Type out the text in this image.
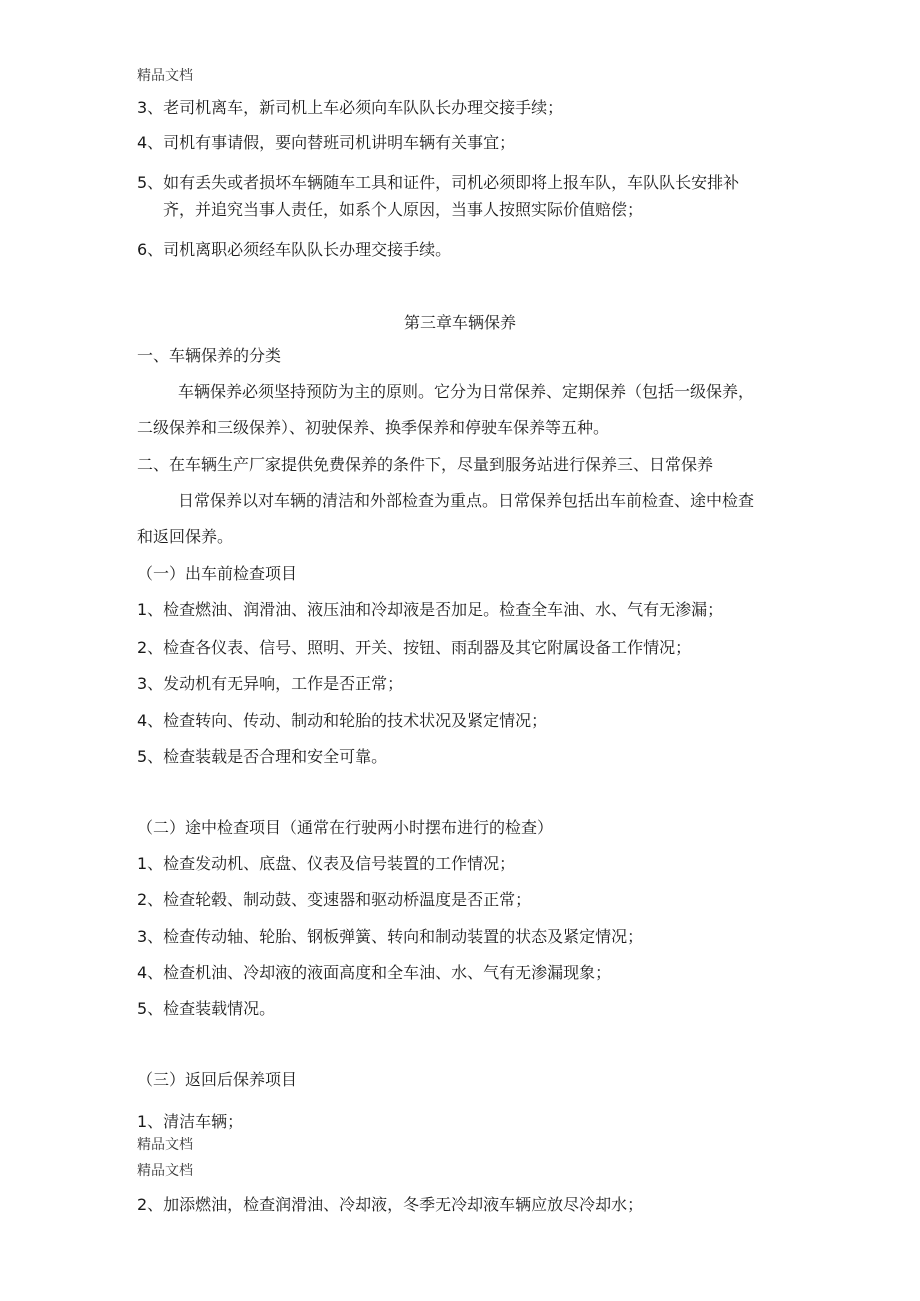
精品文档
3、老司机离车，新司机上车必须向车队队长办理交接手续；
4、司机有事请假，要向替班司机讲明车辆有关事宜；
5、如有丢失或者损坏车辆随车工具和证件，司机必须即将上报车队，车队队长安排补
齐，并追究当事人责任，如系个人原因，当事人按照实际价值赔偿；
6、司机离职必须经车队队长办理交接手续。
第三章车辆保养
一、车辆保养的分类
车辆保养必须坚持预防为主的原则。它分为日常保养、定期保养（包括一级保养，
二级保养和三级保养）、初驶保养、换季保养和停驶车保养等五种。
二、在车辆生产厂家提供免费保养的条件下，尽量到服务站进行保养三、日常保养
日常保养以对车辆的清洁和外部检查为重点。日常保养包括出车前检查、途中检查
和返回保养。
（一）出车前检查项目
1、检查燃油、润滑油、液压油和冷却液是否加足。检查全车油、水、气有无渗漏；
2、检查各仪表、信号、照明、开关、按钮、雨刮器及其它附属设备工作情况；
3、发动机有无异响，工作是否正常；
4、检查转向、传动、制动和轮胎的技术状况及紧定情况；
5、检查装载是否合理和安全可靠。
（二）途中检查项目（通常在行驶两小时摆布进行的检查）
1、检查发动机、底盘、仪表及信号装置的工作情况；
2、检查轮毂、制动鼓、变速器和驱动桥温度是否正常；
3、检查传动轴、轮胎、钢板弹簧、转向和制动装置的状态及紧定情况；
4、检查机油、冷却液的液面高度和全车油、水、气有无渗漏现象；
5、检查装载情况。
（三）返回后保养项目
1、清洁车辆；
精品文档
精品文档
2、加添燃油，检查润滑油、冷却液，冬季无冷却液车辆应放尽冷却水；
